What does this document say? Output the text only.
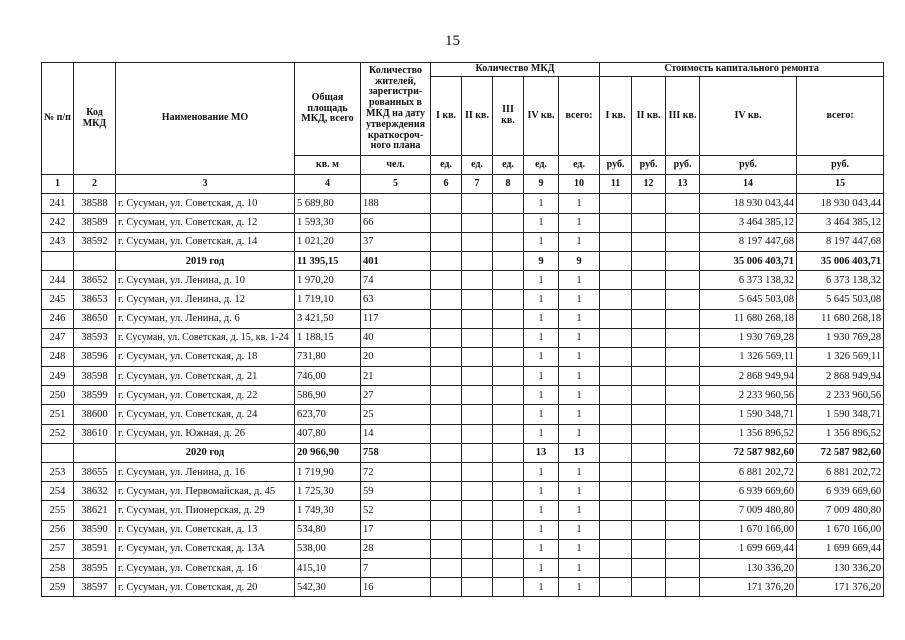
15
№ п/п	Код МКД	Наименование МО	Общая площадь МКД, всего	Количество жителей, зарегистри-рованных в МКД на дату утверждения краткосроч-ного плана	Количество МКД					Стоимость капитального ремонта				
					I кв.	II кв.	III кв.	IV кв.	всего:	I кв.	II кв.	III кв.	IV кв.	всего:
			кв. м	чел.	ед.	ед.	ед.	ед.	ед.	руб.	руб.	руб.	руб.	руб.
1	2	3	4	5	6	7	8	9	10	11	12	13	14	15
241	38588	г. Сусуман, ул. Советская, д. 10	5 689,80	188				1	1				18 930 043,44	18 930 043,44
242	38589	г. Сусуман, ул. Советская, д. 12	1 593,30	66				1	1				3 464 385,12	3 464 385,12
243	38592	г. Сусуман, ул. Советская, д. 14	1 021,20	37				1	1				8 197 447,68	8 197 447,68
		2019 год	11 395,15	401				9	9				35 006 403,71	35 006 403,71
244	38652	г. Сусуман, ул. Ленина, д. 10	1 970,20	74				1	1				6 373 138,32	6 373 138,32
245	38653	г. Сусуман, ул. Ленина, д. 12	1 719,10	63				1	1				5 645 503,08	5 645 503,08
246	38650	г. Сусуман, ул. Ленина, д. 6	3 421,50	117				1	1				11 680 268,18	11 680 268,18
247	38593	г. Сусуман, ул. Советская, д. 15, кв. 1-24	1 188,15	40				1	1				1 930 769,28	1 930 769,28
248	38596	г. Сусуман, ул. Советская, д. 18	731,80	20				1	1				1 326 569,11	1 326 569,11
249	38598	г. Сусуман, ул. Советская, д. 21	746,00	21				1	1				2 868 949,94	2 868 949,94
250	38599	г. Сусуман, ул. Советская, д. 22	586,90	27				1	1				2 233 960,56	2 233 960,56
251	38600	г. Сусуман, ул. Советская, д. 24	623,70	25				1	1				1 590 348,71	1 590 348,71
252	38610	г. Сусуман, ул. Южная, д. 26	407,80	14				1	1				1 356 896,52	1 356 896,52
		2020 год	20 966,90	758				13	13				72 587 982,60	72 587 982,60
253	38655	г. Сусуман, ул. Ленина, д. 16	1 719,90	72				1	1				6 881 202,72	6 881 202,72
254	38632	г. Сусуман, ул. Первомайская, д. 45	1 725,30	59				1	1				6 939 669,60	6 939 669,60
255	38621	г. Сусуман, ул. Пионерская, д. 29	1 749,30	52				1	1				7 009 480,80	7 009 480,80
256	38590	г. Сусуман, ул. Советская, д. 13	534,80	17				1	1				1 670 166,00	1 670 166,00
257	38591	г. Сусуман, ул. Советская, д. 13А	538,00	28				1	1				1 699 669,44	1 699 669,44
258	38595	г. Сусуман, ул. Советская, д. 16	415,10	7				1	1				130 336,20	130 336,20
259	38597	г. Сусуман, ул. Советская, д. 20	542,30	16				1	1				171 376,20	171 376,20
